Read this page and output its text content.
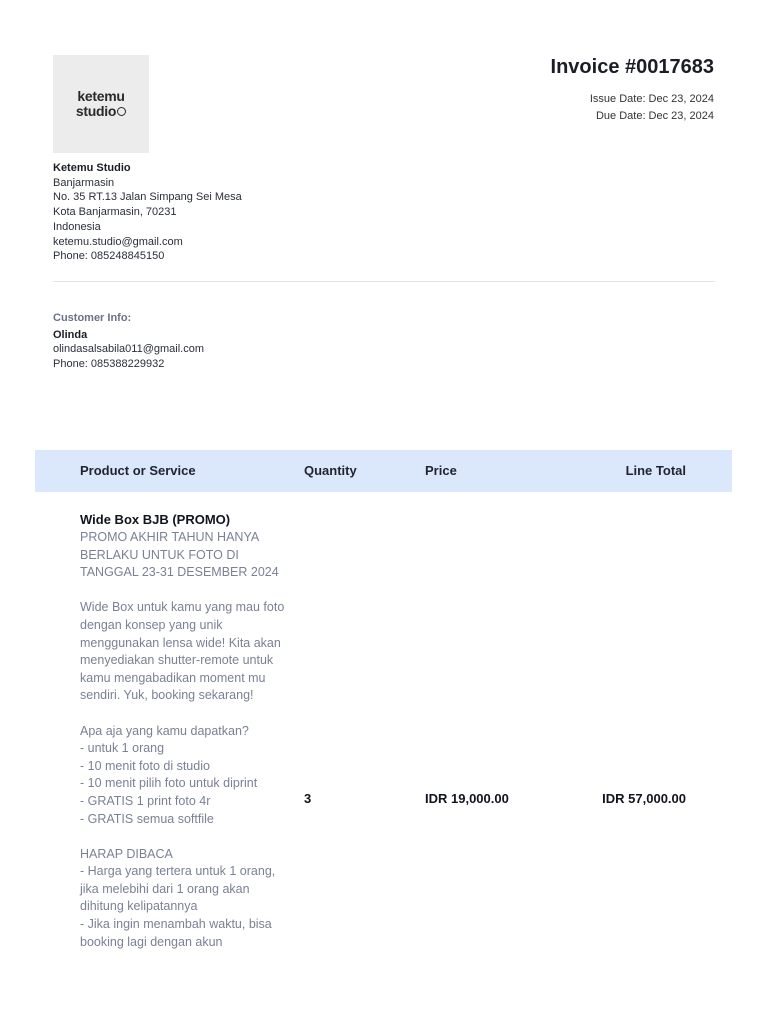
ketemu
studio
Invoice #0017683
Issue Date: Dec 23, 2024
Due Date: Dec 23, 2024
Ketemu Studio
Banjarmasin
No. 35 RT.13 Jalan Simpang Sei Mesa
Kota Banjarmasin, 70231
Indonesia
ketemu.studio@gmail.com
Phone: 085248845150
Customer Info:
Olinda
olindasalsabila011@gmail.com
Phone: 085388229932
Product or Service	Quantity	Price	Line Total
Wide Box BJB (PROMO)
PROMO AKHIR TAHUN HANYA BERLAKU UNTUK FOTO DI TANGGAL 23-31 DESEMBER 2024

Wide Box untuk kamu yang mau foto dengan konsep yang unik menggunakan lensa wide! Kita akan menyediakan shutter-remote untuk kamu mengabadikan moment mu sendiri. Yuk, booking sekarang!

Apa aja yang kamu dapatkan?
- untuk 1 orang
- 10 menit foto di studio
- 10 menit pilih foto untuk diprint
- GRATIS 1 print foto 4r
- GRATIS semua softfile

HARAP DIBACA
- Harga yang tertera untuk 1 orang, jika melebihi dari 1 orang akan dihitung kelipatannya
- Jika ingin menambah waktu, bisa booking lagi dengan akun
3	IDR 19,000.00	IDR 57,000.00
